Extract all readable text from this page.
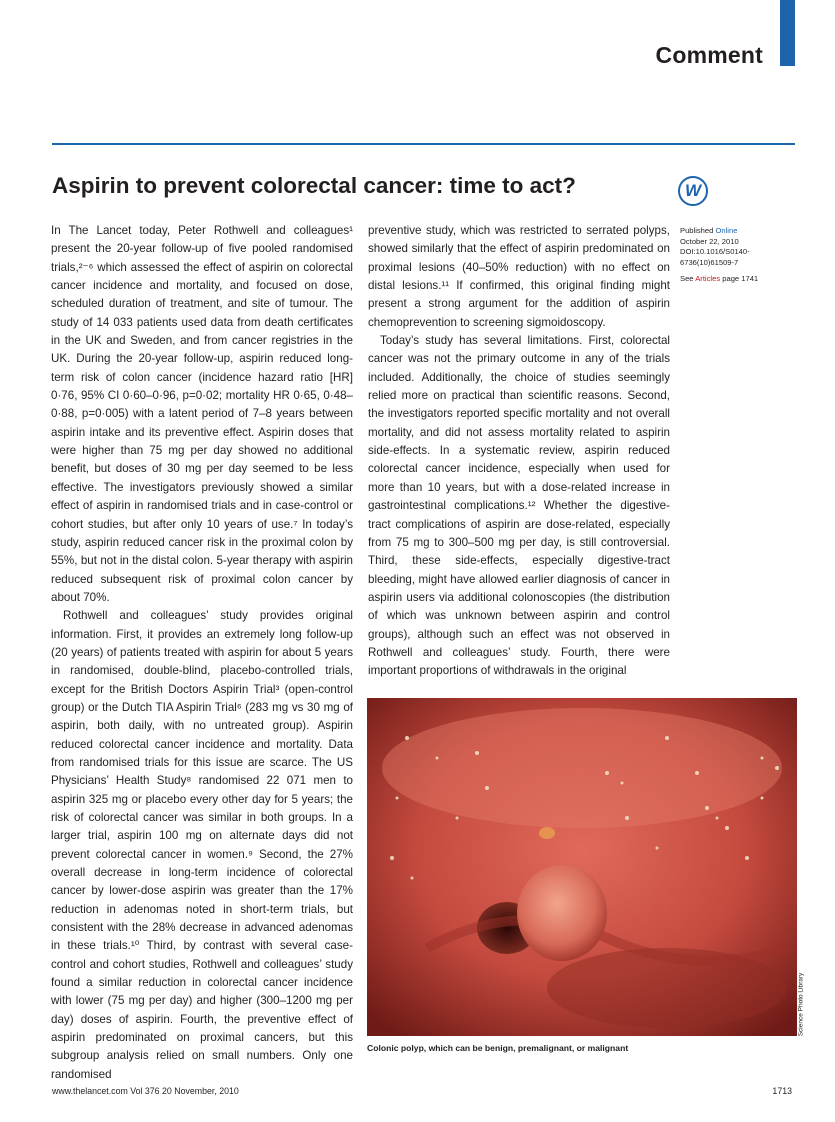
Comment
Aspirin to prevent colorectal cancer: time to act?	W

In The Lancet today, Peter Rothwell and colleagues¹ present the 20-year follow-up of five pooled randomised trials,²⁻⁶ which assessed the effect of aspirin on colorectal cancer incidence and mortality, and focused on dose, scheduled duration of treatment, and site of tumour. The study of 14 033 patients used data from death certificates in the UK and Sweden, and from cancer registries in the UK. During the 20-year follow-up, aspirin reduced long-term risk of colon cancer (incidence hazard ratio [HR] 0·76, 95% CI 0·60–0·96, p=0·02; mortality HR 0·65, 0·48–0·88, p=0·005) with a latent period of 7–8 years between aspirin intake and its preventive effect. Aspirin doses that were higher than 75 mg per day showed no additional benefit, but doses of 30 mg per day seemed to be less effective. The investigators previously showed a similar effect of aspirin in randomised trials and in case-control or cohort studies, but after only 10 years of use.⁷ In today’s study, aspirin reduced cancer risk in the proximal colon by 55%, but not in the distal colon. 5-year therapy with aspirin reduced subsequent risk of proximal colon cancer by about 70%.

Rothwell and colleagues’ study provides original information. First, it provides an extremely long follow-up (20 years) of patients treated with aspirin for about 5 years in randomised, double-blind, placebo-controlled trials, except for the British Doctors Aspirin Trial³ (open-control group) or the Dutch TIA Aspirin Trial⁶ (283 mg vs 30 mg of aspirin, both daily, with no untreated group). Aspirin reduced colorectal cancer incidence and mortality. Data from randomised trials for this issue are scarce. The US Physicians’ Health Study⁸ randomised 22 071 men to aspirin 325 mg or placebo every other day for 5 years; the risk of colorectal cancer was similar in both groups. In a larger trial, aspirin 100 mg on alternate days did not prevent colorectal cancer in women.⁹ Second, the 27% overall decrease in long-term incidence of colorectal cancer by lower-dose aspirin was greater than the 17% reduction in adenomas noted in short-term trials, but consistent with the 28% decrease in advanced adenomas in these trials.¹⁰ Third, by contrast with several case-control and cohort studies, Rothwell and colleagues’ study found a similar reduction in colorectal cancer incidence with lower (75 mg per day) and higher (300–1200 mg per day) doses of aspirin. Fourth, the preventive effect of aspirin predominated on proximal cancers, but this subgroup analysis relied on small numbers. Only one randomised

preventive study, which was restricted to serrated polyps, showed similarly that the effect of aspirin predominated on proximal lesions (40–50% reduction) with no effect on distal lesions.¹¹ If confirmed, this original finding might present a strong argument for the addition of aspirin chemoprevention to screening sigmoidoscopy.

Today’s study has several limitations. First, colorectal cancer was not the primary outcome in any of the trials included. Additionally, the choice of studies seemingly relied more on practical than scientific reasons. Second, the investigators reported specific mortality and not overall mortality, and did not assess mortality related to aspirin side-effects. In a systematic review, aspirin reduced colorectal cancer incidence, especially when used for more than 10 years, but with a dose-related increase in gastrointestinal complications.¹² Whether the digestive-tract complications of aspirin are dose-related, especially from 75 mg to 300–500 mg per day, is still controversial. Third, these side-effects, especially digestive-tract bleeding, might have allowed earlier diagnosis of cancer in aspirin users via additional colonoscopies (the distribution of which was unknown between aspirin and control groups), although such an effect was not observed in Rothwell and colleagues’ study. Fourth, there were important proportions of withdrawals in the original

Published Online
October 22, 2010
DOI:10.1016/S0140-6736(10)61509-7
See Articles page 1741
Science Photo Library
Colonic polyp, which can be benign, premalignant, or malignant
www.thelancet.com Vol 376 20 November, 2010	1713
